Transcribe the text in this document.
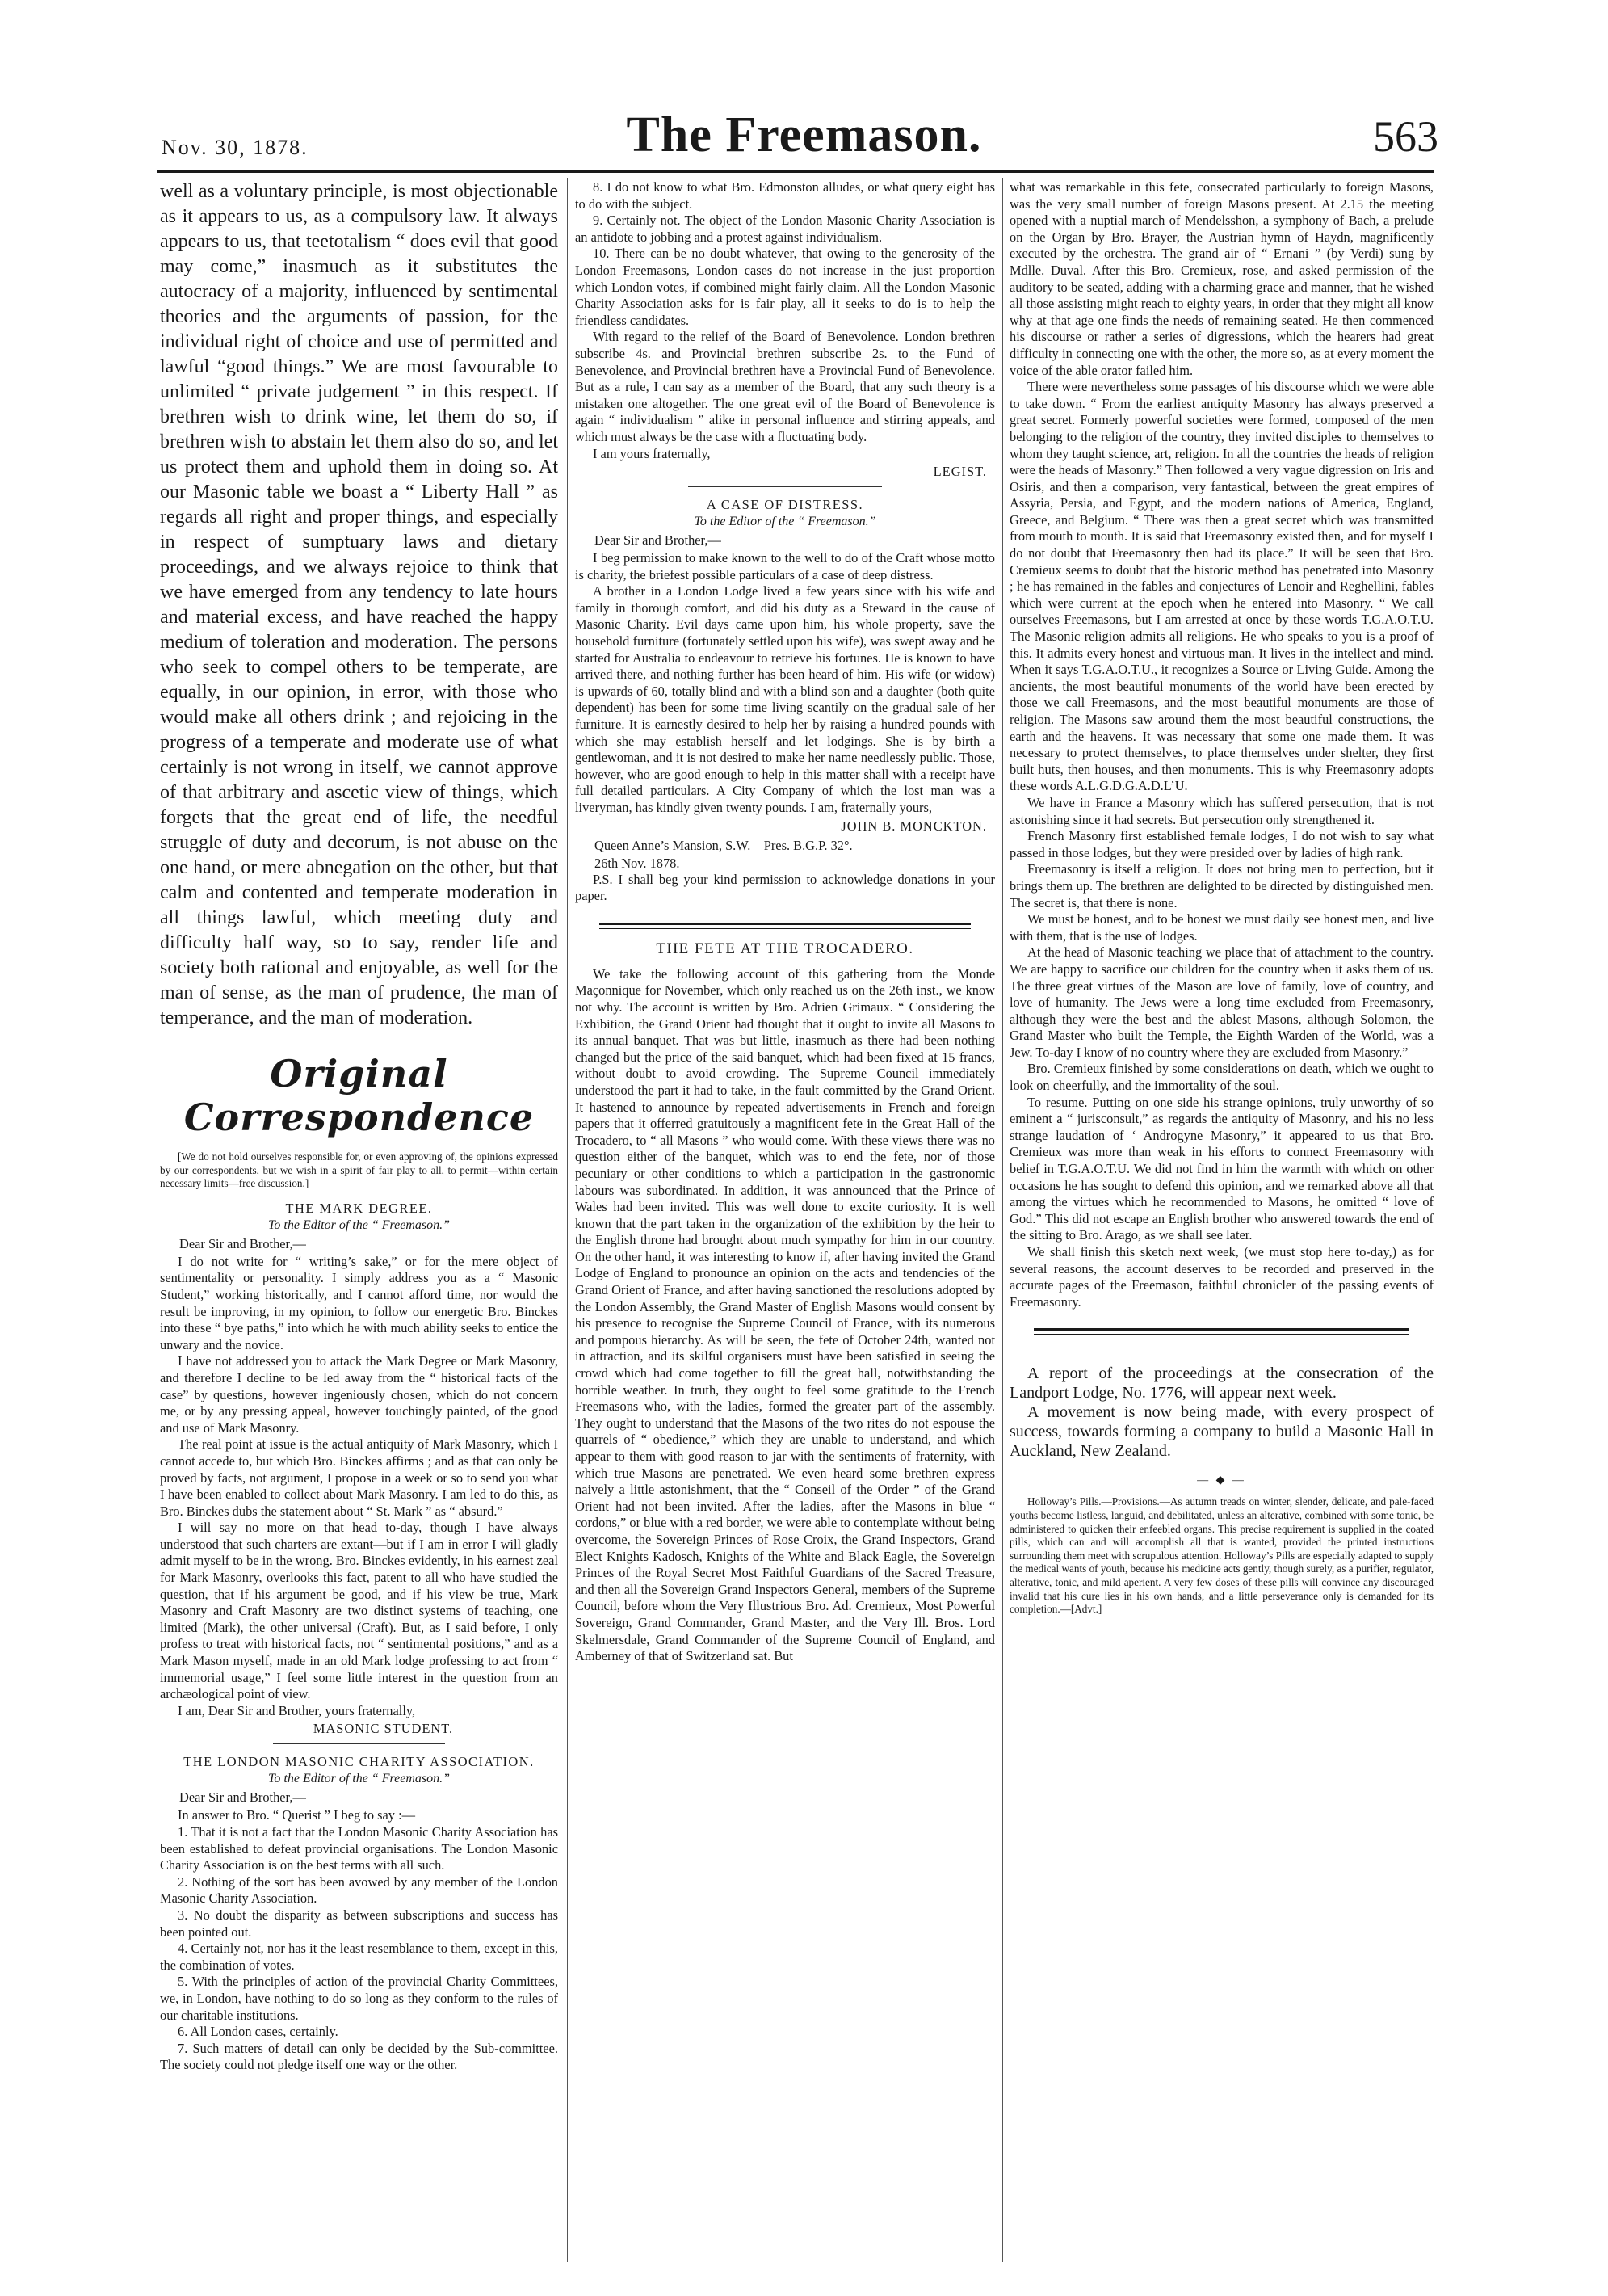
Nov. 30, 1878.	The Freemason.	563

well as a voluntary principle, is most objectionable as it appears to us, as a compulsory law. It always appears to us, that teetotalism “ does evil that good may come,” inasmuch as it substitutes the autocracy of a majority, influenced by sentimental theories and the arguments of passion, for the individual right of choice and use of permitted and lawful “good things.” We are most favourable to unlimited “ private judgement ” in this respect. If brethren wish to drink wine, let them do so, if brethren wish to abstain let them also do so, and let us protect them and uphold them in doing so. At our Masonic table we boast a “ Liberty Hall ” as regards all right and proper things, and especially in respect of sumptuary laws and dietary proceedings, and we always rejoice to think that we have emerged from any tendency to late hours and material excess, and have reached the happy medium of toleration and moderation. The persons who seek to compel others to be temperate, are equally, in our opinion, in error, with those who would make all others drink ; and rejoicing in the progress of a temperate and moderate use of what certainly is not wrong in itself, we cannot approve of that arbitrary and ascetic view of things, which forgets that the great end of life, the needful struggle of duty and decorum, is not abuse on the one hand, or mere abnegation on the other, but that calm and contented and temperate moderation in all things lawful, which meeting duty and difficulty half way, so to say, render life and society both rational and enjoyable, as well for the man of sense, as the man of prudence, the man of temperance, and the man of moderation.

Original Correspondence

[We do not hold ourselves responsible for, or even approving of, the opinions expressed by our correspondents, but we wish in a spirit of fair play to all, to permit—within certain necessary limits—free discussion.]

THE MARK DEGREE.
To the Editor of the “ Freemason.”
Dear Sir and Brother,—

I do not write for “ writing’s sake,” or for the mere object of sentimentality or personality. I simply address you as a “ Masonic Student,” working historically, and I cannot afford time, nor would the result be improving, in my opinion, to follow our energetic Bro. Binckes into these “ bye paths,” into which he with much ability seeks to entice the unwary and the novice.

I have not addressed you to attack the Mark Degree or Mark Masonry, and therefore I decline to be led away from the “ historical facts of the case” by questions, however ingeniously chosen, which do not concern me, or by any pressing appeal, however touchingly painted, of the good and use of Mark Masonry.

The real point at issue is the actual antiquity of Mark Masonry, which I cannot accede to, but which Bro. Binckes affirms ; and as that can only be proved by facts, not argument, I propose in a week or so to send you what I have been enabled to collect about Mark Masonry. I am led to do this, as Bro. Binckes dubs the statement about “ St. Mark ” as “ absurd.”

I will say no more on that head to-day, though I have always understood that such charters are extant—but if I am in error I will gladly admit myself to be in the wrong. Bro. Binckes evidently, in his earnest zeal for Mark Masonry, overlooks this fact, patent to all who have studied the question, that if his argument be good, and if his view be true, Mark Masonry and Craft Masonry are two distinct systems of teaching, one limited (Mark), the other universal (Craft). But, as I said before, I only profess to treat with historical facts, not “ sentimental positions,” and as a Mark Mason myself, made in an old Mark lodge professing to act from “ immemorial usage,” I feel some little interest in the question from an archæological point of view.

I am, Dear Sir and Brother, yours fraternally,

MASONIC STUDENT.
THE LONDON MASONIC CHARITY ASSOCIATION.
To the Editor of the “ Freemason.”
Dear Sir and Brother,—

In answer to Bro. “ Querist ” I beg to say :—

1. That it is not a fact that the London Masonic Charity Association has been established to defeat provincial organisations. The London Masonic Charity Association is on the best terms with all such.

2. Nothing of the sort has been avowed by any member of the London Masonic Charity Association.

3. No doubt the disparity as between subscriptions and success has been pointed out.

4. Certainly not, nor has it the least resemblance to them, except in this, the combination of votes.

5. With the principles of action of the provincial Charity Committees, we, in London, have nothing to do so long as they conform to the rules of our charitable institutions.

6. All London cases, certainly.

7. Such matters of detail can only be decided by the Sub-committee. The society could not pledge itself one way or the other.

8. I do not know to what Bro. Edmonston alludes, or what query eight has to do with the subject.

9. Certainly not. The object of the London Masonic Charity Association is an antidote to jobbing and a protest against individualism.

10. There can be no doubt whatever, that owing to the generosity of the London Freemasons, London cases do not increase in the just proportion which London votes, if combined might fairly claim. All the London Masonic Charity Association asks for is fair play, all it seeks to do is to help the friendless candidates.

With regard to the relief of the Board of Benevolence. London brethren subscribe 4s. and Provincial brethren subscribe 2s. to the Fund of Benevolence, and Provincial brethren have a Provincial Fund of Benevolence. But as a rule, I can say as a member of the Board, that any such theory is a mistaken one altogether. The one great evil of the Board of Benevolence is again “ individualism ” alike in personal influence and stirring appeals, and which must always be the case with a fluctuating body.

I am yours fraternally,

LEGIST.
A CASE OF DISTRESS.
To the Editor of the “ Freemason.”
Dear Sir and Brother,—

I beg permission to make known to the well to do of the Craft whose motto is charity, the briefest possible particulars of a case of deep distress.

A brother in a London Lodge lived a few years since with his wife and family in thorough comfort, and did his duty as a Steward in the cause of Masonic Charity. Evil days came upon him, his whole property, save the household furniture (fortunately settled upon his wife), was swept away and he started for Australia to endeavour to retrieve his fortunes. He is known to have arrived there, and nothing further has been heard of him. His wife (or widow) is upwards of 60, totally blind and with a blind son and a daughter (both quite dependent) has been for some time living scantily on the gradual sale of her furniture. It is earnestly desired to help her by raising a hundred pounds with which she may establish herself and let lodgings. She is by birth a gentlewoman, and it is not desired to make her name needlessly public. Those, however, who are good enough to help in this matter shall with a receipt have full detailed particulars. A City Company of which the lost man was a liveryman, has kindly given twenty pounds. I am, fraternally yours,

JOHN B. MONCKTON.
Queen Anne’s Mansion, S.W. Pres. B.G.P. 32°.
26th Nov. 1878.

P.S. I shall beg your kind permission to acknowledge donations in your paper.

THE FETE AT THE TROCADERO.

We take the following account of this gathering from the Monde Maçonnique for November, which only reached us on the 26th inst., we know not why. The account is written by Bro. Adrien Grimaux. “ Considering the Exhibition, the Grand Orient had thought that it ought to invite all Masons to its annual banquet. That was but little, inasmuch as there had been nothing changed but the price of the said banquet, which had been fixed at 15 francs, without doubt to avoid crowding. The Supreme Council immediately understood the part it had to take, in the fault committed by the Grand Orient. It hastened to announce by repeated advertisements in French and foreign papers that it offerred gratuitously a magnificent fete in the Great Hall of the Trocadero, to “ all Masons ” who would come. With these views there was no question either of the banquet, which was to end the fete, nor of those pecuniary or other conditions to which a participation in the gastronomic labours was subordinated. In addition, it was announced that the Prince of Wales had been invited. This was well done to excite curiosity. It is well known that the part taken in the organization of the exhibition by the heir to the English throne had brought about much sympathy for him in our country. On the other hand, it was interesting to know if, after having invited the Grand Lodge of England to pronounce an opinion on the acts and tendencies of the Grand Orient of France, and after having sanctioned the resolutions adopted by the London Assembly, the Grand Master of English Masons would consent by his presence to recognise the Supreme Council of France, with its numerous and pompous hierarchy. As will be seen, the fete of October 24th, wanted not in attraction, and its skilful organisers must have been satisfied in seeing the crowd which had come together to fill the great hall, notwithstanding the horrible weather. In truth, they ought to feel some gratitude to the French Freemasons who, with the ladies, formed the greater part of the assembly. They ought to understand that the Masons of the two rites do not espouse the quarrels of “ obedience,” which they are unable to understand, and which appear to them with good reason to jar with the sentiments of fraternity, with which true Masons are penetrated. We even heard some brethren express naively a little astonishment, that the “ Conseil of the Order ” of the Grand Orient had not been invited. After the ladies, after the Masons in blue “ cordons,” or blue with a red border, we were able to contemplate without being overcome, the Sovereign Princes of Rose Croix, the Grand Inspectors, Grand Elect Knights Kadosch, Knights of the White and Black Eagle, the Sovereign Princes of the Royal Secret Most Faithful Guardians of the Sacred Treasure, and then all the Sovereign Grand Inspectors General, members of the Supreme Council, before whom the Very Illustrious Bro. Ad. Cremieux, Most Powerful Sovereign, Grand Commander, Grand Master, and the Very Ill. Bros. Lord Skelmersdale, Grand Commander of the Supreme Council of England, and Amberney of that of Switzerland sat. But

what was remarkable in this fete, consecrated particularly to foreign Masons, was the very small number of foreign Masons present. At 2.15 the meeting opened with a nuptial march of Mendelsshon, a symphony of Bach, a prelude on the Organ by Bro. Brayer, the Austrian hymn of Haydn, magnificently executed by the orchestra. The grand air of “ Ernani ” (by Verdi) sung by Mdlle. Duval. After this Bro. Cremieux, rose, and asked permission of the auditory to be seated, adding with a charming grace and manner, that he wished all those assisting might reach to eighty years, in order that they might all know why at that age one finds the needs of remaining seated. He then commenced his discourse or rather a series of digressions, which the hearers had great difficulty in connecting one with the other, the more so, as at every moment the voice of the able orator failed him.

There were nevertheless some passages of his discourse which we were able to take down. “ From the earliest antiquity Masonry has always preserved a great secret. Formerly powerful societies were formed, composed of the men belonging to the religion of the country, they invited disciples to themselves to whom they taught science, art, religion. In all the countries the heads of religion were the heads of Masonry.” Then followed a very vague digression on Iris and Osiris, and then a comparison, very fantastical, between the great empires of Assyria, Persia, and Egypt, and the modern nations of America, England, Greece, and Belgium. “ There was then a great secret which was transmitted from mouth to mouth. It is said that Freemasonry existed then, and for myself I do not doubt that Freemasonry then had its place.” It will be seen that Bro. Cremieux seems to doubt that the historic method has penetrated into Masonry ; he has remained in the fables and conjectures of Lenoir and Reghellini, fables which were current at the epoch when he entered into Masonry. “ We call ourselves Freemasons, but I am arrested at once by these words T.G.A.O.T.U. The Masonic religion admits all religions. He who speaks to you is a proof of this. It admits every honest and virtuous man. It lives in the intellect and mind. When it says T.G.A.O.T.U., it recognizes a Source or Living Guide. Among the ancients, the most beautiful monuments of the world have been erected by those we call Freemasons, and the most beautiful monuments are those of religion. The Masons saw around them the most beautiful constructions, the earth and the heavens. It was necessary that some one made them. It was necessary to protect themselves, to place themselves under shelter, they first built huts, then houses, and then monuments. This is why Freemasonry adopts these words A.L.G.D.G.A.D.L’U.

We have in France a Masonry which has suffered persecution, that is not astonishing since it had secrets. But persecution only strengthened it.

French Masonry first established female lodges, I do not wish to say what passed in those lodges, but they were presided over by ladies of high rank.

Freemasonry is itself a religion. It does not bring men to perfection, but it brings them up. The brethren are delighted to be directed by distinguished men. The secret is, that there is none.

We must be honest, and to be honest we must daily see honest men, and live with them, that is the use of lodges.

At the head of Masonic teaching we place that of attachment to the country. We are happy to sacrifice our children for the country when it asks them of us. The three great virtues of the Mason are love of family, love of country, and love of humanity. The Jews were a long time excluded from Freemasonry, although they were the best and the ablest Masons, although Solomon, the Grand Master who built the Temple, the Eighth Warden of the World, was a Jew. To-day I know of no country where they are excluded from Masonry.”

Bro. Cremieux finished by some considerations on death, which we ought to look on cheerfully, and the immortality of the soul.

To resume. Putting on one side his strange opinions, truly unworthy of so eminent a “ jurisconsult,” as regards the antiquity of Masonry, and his no less strange laudation of ‘ Androgyne Masonry,” it appeared to us that Bro. Cremieux was more than weak in his efforts to connect Freemasonry with belief in T.G.A.O.T.U. We did not find in him the warmth with which on other occasions he has sought to defend this opinion, and we remarked above all that among the virtues which he recommended to Masons, he omitted “ love of God.” This did not escape an English brother who answered towards the end of the sitting to Bro. Arago, as we shall see later.

We shall finish this sketch next week, (we must stop here to-day,) as for several reasons, the account deserves to be recorded and preserved in the accurate pages of the Freemason, faithful chronicler of the passing events of Freemasonry.

A report of the proceedings at the consecration of the Landport Lodge, No. 1776, will appear next week.

A movement is now being made, with every prospect of success, towards forming a company to build a Masonic Hall in Auckland, New Zealand.

— ◆ —

Holloway’s Pills.—Provisions.—As autumn treads on winter, slender, delicate, and pale-faced youths become listless, languid, and debilitated, unless an alterative, combined with some tonic, be administered to quicken their enfeebled organs. This precise requirement is supplied in the coated pills, which can and will accomplish all that is wanted, provided the printed instructions surrounding them meet with scrupulous attention. Holloway’s Pills are especially adapted to supply the medical wants of youth, because his medicine acts gently, though surely, as a purifier, regulator, alterative, tonic, and mild aperient. A very few doses of these pills will convince any discouraged invalid that his cure lies in his own hands, and a little perseverance only is demanded for its completion.—[Advt.]
